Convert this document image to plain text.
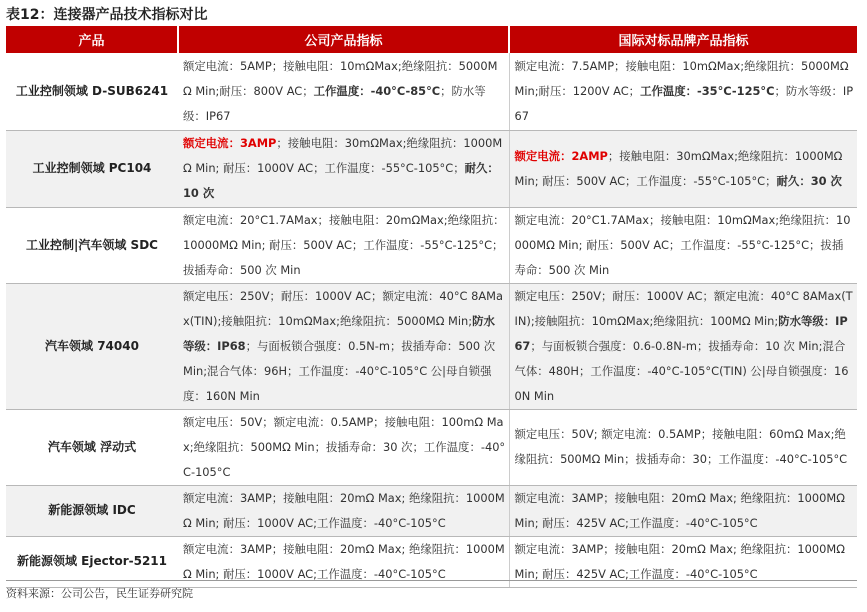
表12：连接器产品技术指标对比
产品	公司产品指标	国际对标品牌产品指标
工业控制领域 D-SUB6241	额定电流：5AMP；接触电阻：10mΩMax;绝缘阻抗：5000MΩ Min;耐压：800V AC；工作温度：-40°C-85°C；防水等级：IP67	额定电流：7.5AMP；接触电阻：10mΩMax;绝缘阻抗：5000MΩ Min;耐压：1200V AC；工作温度：-35°C-125°C；防水等级：IP67
工业控制领域 PC104	额定电流：3AMP；接触电阻：30mΩMax;绝缘阻抗：1000MΩ Min; 耐压：1000V AC；工作温度：-55°C-105°C；耐久：10 次	额定电流：2AMP；接触电阻：30mΩMax;绝缘阻抗：1000MΩ Min; 耐压：500V AC；工作温度：-55°C-105°C；耐久：30 次
工业控制|汽车领域 SDC	额定电流：20°C1.7AMax；接触电阻：20mΩMax;绝缘阻抗：10000MΩ Min; 耐压：500V AC；工作温度：-55°C-125°C；拔插寿命：500 次 Min	额定电流：20°C1.7AMax；接触电阻：10mΩMax;绝缘阻抗：10000MΩ Min; 耐压：500V AC；工作温度：-55°C-125°C；拔插寿命：500 次 Min
汽车领域 74040	额定电压：250V；耐压：1000V AC；额定电流：40°C 8AMax(TIN);接触阻抗：10mΩMax;绝缘阻抗：5000MΩ Min;防水等级：IP68；与面板锁合强度：0.5N-m；拔插寿命：500 次 Min;混合气体：96H；工作温度：-40°C-105°C 公|母自锁强度：160N Min	额定电压：250V；耐压：1000V AC；额定电流：40°C 8AMax(TIN);接触阻抗：10mΩMax;绝缘阻抗：100MΩ Min;防水等级：IP67；与面板锁合强度：0.6-0.8N-m；拔插寿命：10 次 Min;混合气体：480H；工作温度：-40°C-105°C(TIN) 公|母自锁强度：160N Min
汽车领域 浮动式	额定电压：50V；额定电流：0.5AMP；接触电阻：100mΩ Max;绝缘阻抗：500MΩ Min；拔插寿命：30 次；工作温度：-40°C-105°C	额定电压：50V; 额定电流：0.5AMP；接触电阻：60mΩ Max;绝缘阻抗：500MΩ Min；拔插寿命：30；工作温度：-40°C-105°C
新能源领域 IDC	额定电流：3AMP；接触电阻：20mΩ Max; 绝缘阻抗：1000MΩ Min; 耐压：1000V AC;工作温度：-40°C-105°C	额定电流：3AMP；接触电阻：20mΩ Max; 绝缘阻抗：1000MΩ Min; 耐压：425V AC;工作温度：-40°C-105°C
新能源领域 Ejector-5211	额定电流：3AMP；接触电阻：20mΩ Max; 绝缘阻抗：1000MΩ Min; 耐压：1000V AC;工作温度：-40°C-105°C	额定电流：3AMP；接触电阻：20mΩ Max; 绝缘阻抗：1000MΩ Min; 耐压：425V AC;工作温度：-40°C-105°C
资料来源：公司公告，民生证券研究院
